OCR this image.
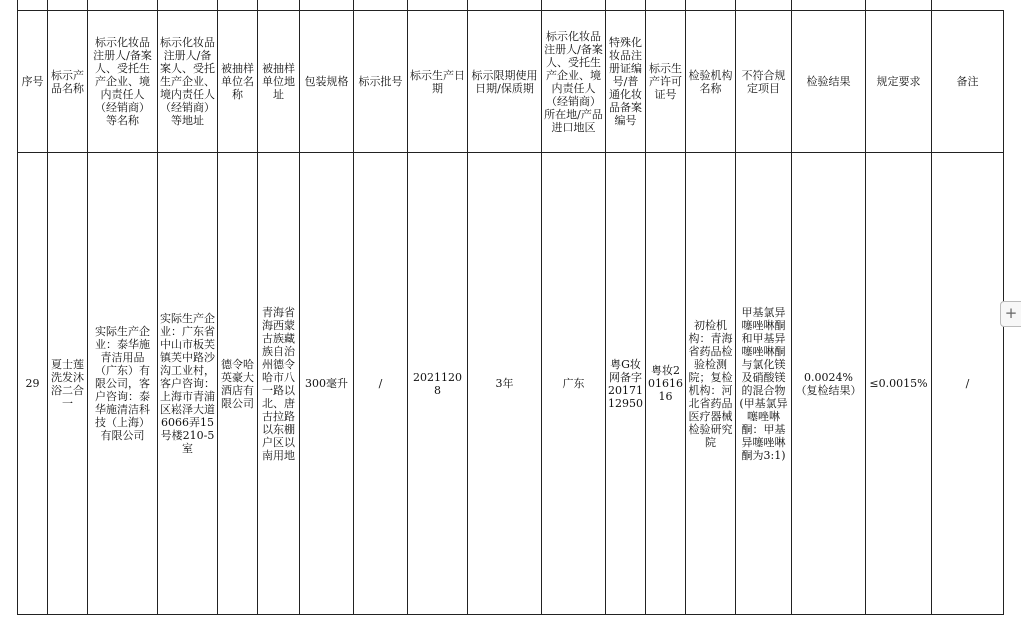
序号	标示产品名称	标示化妆品注册人/备案人、受托生产企业、境内责任人（经销商）等名称	标示化妆品注册人/备案人、受托生产企业、境内责任人（经销商）等地址	被抽样单位名称	被抽样单位地址	包装规格	标示批号	标示生产日期	标示限期使用日期/保质期	标示化妆品注册人/备案人、受托生产企业、境内责任人（经销商）所在地/产品进口地区	特殊化妆品注册证编号/普通化妆品备案编号	标示生产许可证号	检验机构名称	不符合规定项目	检验结果	规定要求	备注
29	夏士莲洗发沐浴二合一	实际生产企业：泰华施青洁用品（广东）有限公司，客户咨询：泰华施清洁科技（上海）有限公司	实际生产企业：广东省中山市板芙镇芙中路沙沟工业村，客户咨询：上海市青浦区崧泽大道6066弄15号楼210-5室	德令哈英豪大酒店有限公司	青海省海西蒙古族藏族自治州德令哈市八一路以北、唐古拉路以东棚户区以南用地	300毫升	/	20211208	3年	广东	粤G妆网备字2017112950	粤妆20161616	初检机构：青海省药品检验检测院；复检机构：河北省药品医疗器械检验研究院	甲基氯异噻唑啉酮和甲基异噻唑啉酮与氯化镁及硝酸镁的混合物(甲基氯异噻唑啉酮：甲基异噻唑啉酮为3:1)	0.0024%（复检结果）	≤0.0015%	/
+
